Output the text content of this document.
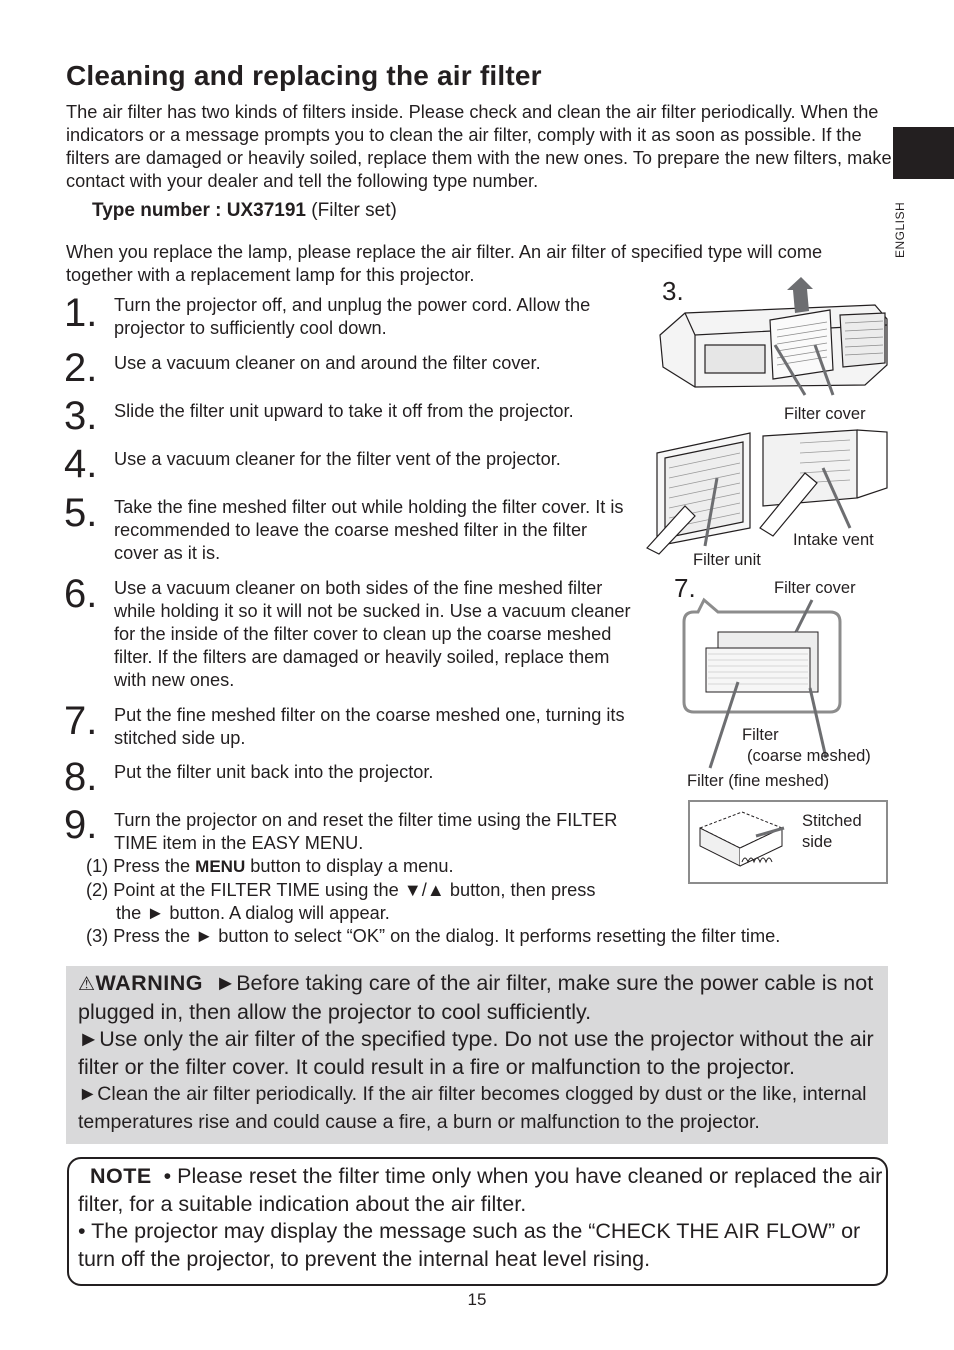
Cleaning and replacing the air filter
The air filter has two kinds of filters inside. Please check and clean the air filter periodically. When the indicators or a message prompts you to clean the air filter, comply with it as soon as possible. If the filters are damaged or heavily soiled, replace them with the new ones. To prepare the new filters, make contact with your dealer and tell the following type number.
Type number : UX37191 (Filter set)
When you replace the lamp, please replace the air filter. An air filter of specified type will come together with a replacement lamp for this projector.
ENGLISH
1. Turn the projector off, and unplug the power cord. Allow the projector to sufficiently cool down.
2. Use a vacuum cleaner on and around the filter cover.
3. Slide the filter unit upward to take it off from the projector.
4. Use a vacuum cleaner for the filter vent of the projector.
5. Take the fine meshed filter out while holding the filter cover. It is recommended to leave the coarse meshed filter in the filter cover as it is.
6. Use a vacuum cleaner on both sides of the fine meshed filter while holding it so it will not be sucked in. Use a vacuum cleaner for the inside of the filter cover to clean up the coarse meshed filter. If the filters are damaged or heavily soiled, replace them with new ones.
7. Put the fine meshed filter on the coarse meshed one, turning its stitched side up.
8. Put the filter unit back into the projector.
9. Turn the projector on and reset the filter time using the FILTER TIME item in the EASY MENU.
(1) Press the MENU button to display a menu.
(2) Point at the FILTER TIME using the ▼/▲ button, then press
the ► button. A dialog will appear.
(3) Press the ► button to select “OK” on the dialog. It performs resetting the filter time.
3.
Filter cover
Filter unit
Intake vent
7.	Filter cover
Filter
(coarse meshed)
Filter (fine meshed)
Stitched
side
⚠WARNING ►Before taking care of the air filter, make sure the power cable is not plugged in, then allow the projector to cool sufficiently.
►Use only the air filter of the specified type. Do not use the projector without the air filter or the filter cover. It could result in a fire or malfunction to the projector.
►Clean the air filter periodically. If the air filter becomes clogged by dust or the like, internal temperatures rise and could cause a fire, a burn or malfunction to the projector.
NOTE • Please reset the filter time only when you have cleaned or replaced the air filter, for a suitable indication about the air filter.
• The projector may display the message such as the “CHECK THE AIR FLOW” or turn off the projector, to prevent the internal heat level rising.
15
